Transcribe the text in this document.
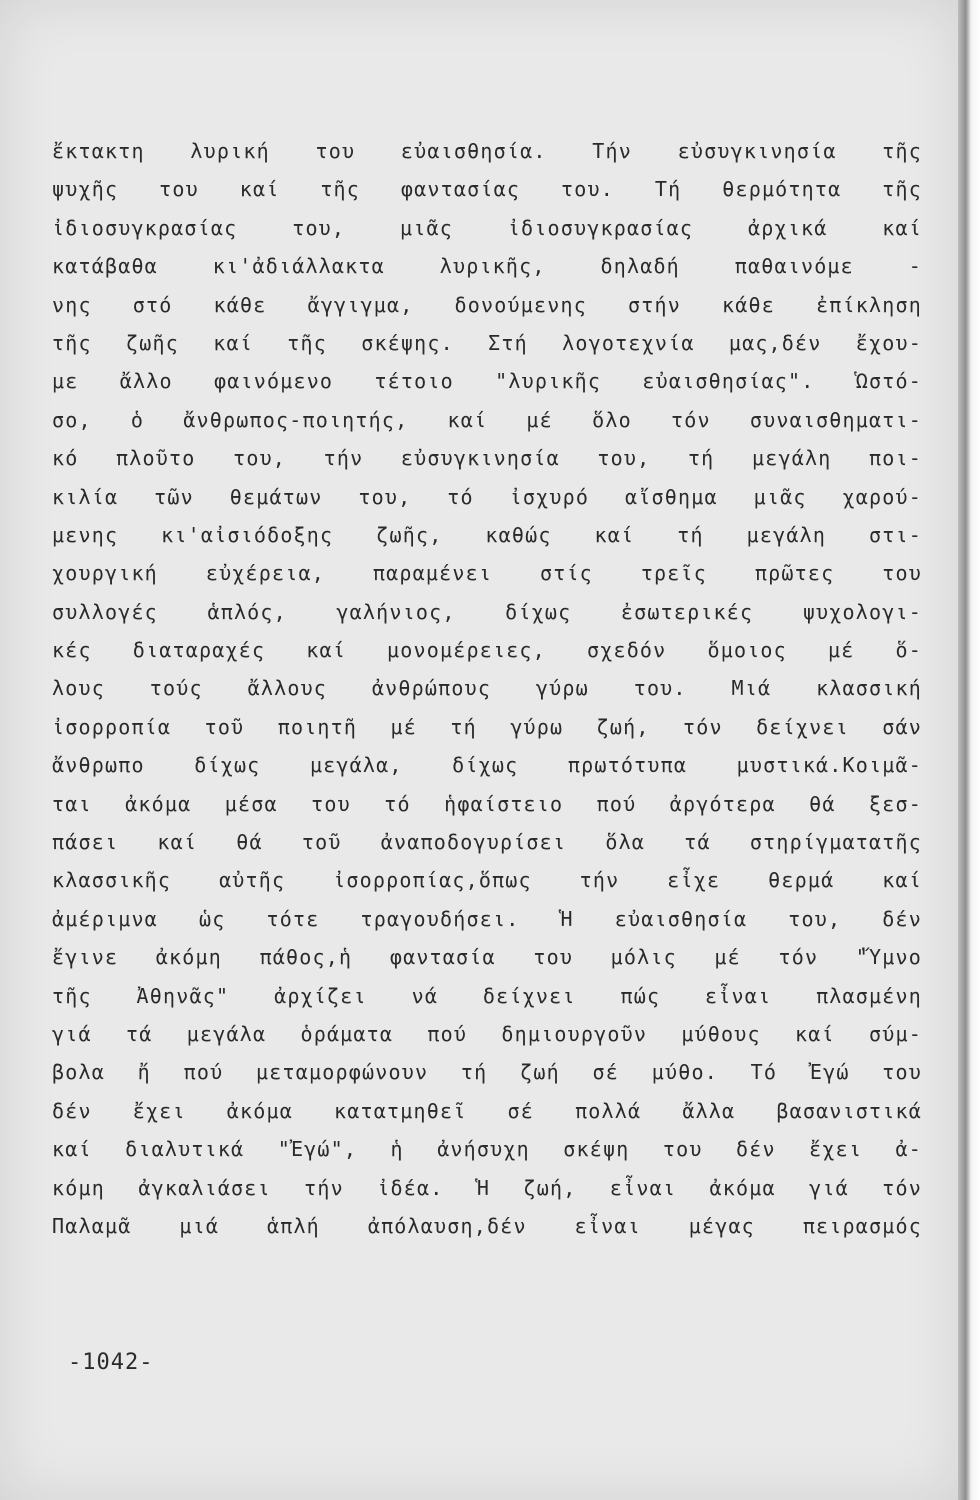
ἔκτακτη λυρική του εὐαισθησία. Τήν εὐσυγκινησία τῆς
ψυχῆς του καί τῆς φαντασίας του. Τή θερμότητα τῆς
ἰδιοσυγκρασίας του, μιᾶς ἰδιοσυγκρασίας ἀρχικά καί
κατάβαθα κι'ἀδιάλλακτα λυρικῆς, δηλαδή παθαινόμε -
νης στό κάθε ἄγγιγμα, δονούμενης στήν κάθε ἐπίκληση
τῆς ζωῆς καί τῆς σκέψης. Στή λογοτεχνία μας,δέν ἔχου-
με ἄλλο φαινόμενο τέτοιο "λυρικῆς εὐαισθησίας". Ὡστό-
σο, ὁ ἄνθρωπος-ποιητής, καί μέ ὅλο τόν συναισθηματι-
κό πλοῦτο του, τήν εὐσυγκινησία του, τή μεγάλη ποι-
κιλία τῶν θεμάτων του, τό ἰσχυρό αἴσθημα μιᾶς χαρού-
μενης κι'αἰσιόδοξης ζωῆς, καθώς καί τή μεγάλη στι-
χουργική εὐχέρεια, παραμένει στίς τρεῖς πρῶτες του
συλλογές ἁπλός, γαλήνιος, δίχως ἐσωτερικές ψυχολογι-
κές διαταραχές καί μονομέρειες, σχεδόν ὅμοιος μέ ὅ-
λους τούς ἄλλους ἀνθρώπους γύρω του. Μιά κλασσική
ἰσορροπία τοῦ ποιητῆ μέ τή γύρω ζωή, τόν δείχνει σάν
ἄνθρωπο δίχως μεγάλα, δίχως πρωτότυπα μυστικά.Κοιμᾶ-
ται ἀκόμα μέσα του τό ἡφαίστειο πού ἀργότερα θά ξεσ-
πάσει καί θά τοῦ ἀναποδογυρίσει ὅλα τά στηρίγματατῆς
κλασσικῆς αὐτῆς ἰσορροπίας,ὅπως τήν εἶχε θερμά καί
ἀμέριμνα ὡς τότε τραγουδήσει. Ἡ εὐαισθησία του, δέν
ἔγινε ἀκόμη πάθος,ἡ φαντασία του μόλις μέ τόν "Ὕμνο
τῆς Ἀθηνᾶς" ἀρχίζει νά δείχνει πώς εἶναι πλασμένη
γιά τά μεγάλα ὁράματα πού δημιουργοῦν μύθους καί σύμ-
βολα ἤ πού μεταμορφώνουν τή ζωή σέ μύθο. Τό Ἐγώ του
δέν ἔχει ἀκόμα κατατμηθεῖ σέ πολλά ἄλλα βασανιστικά
καί διαλυτικά "Ἐγώ", ἡ ἀνήσυχη σκέψη του δέν ἔχει ἀ-
κόμη ἀγκαλιάσει τήν ἰδέα. Ἡ ζωή, εἶναι ἀκόμα γιά τόν
Παλαμᾶ μιά ἁπλή ἀπόλαυση,δέν εἶναι μέγας πειρασμός
-1042-
